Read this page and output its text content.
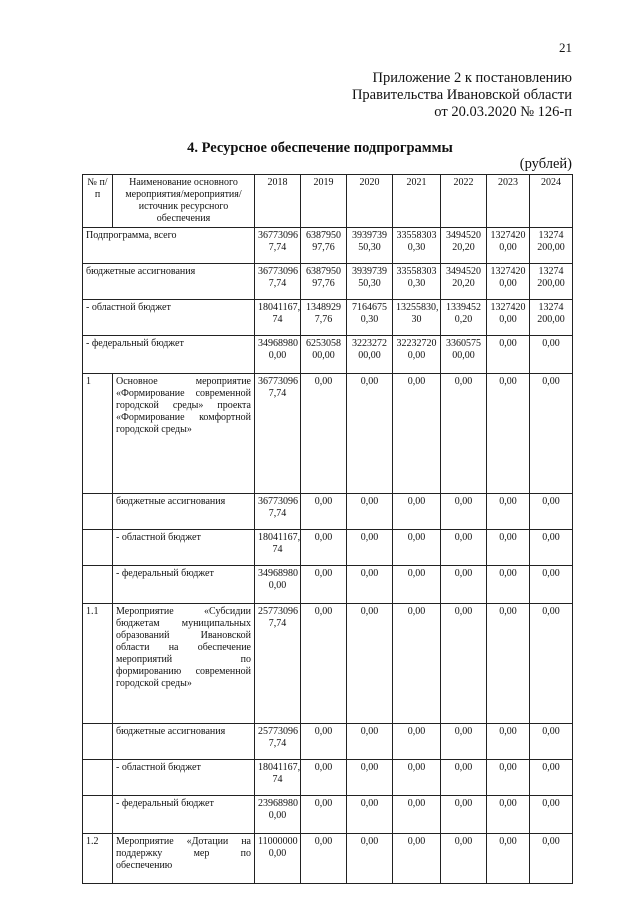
21
Приложение 2 к постановлению
Правительства Ивановской области
от 20.03.2020 № 126-п
4. Ресурсное обеспечение подпрограммы
(рублей)
№ п/п	Наименование основного мероприятия/мероприятия/ источник ресурсного обеспечения	2018	2019	2020	2021	2022	2023	2024
Подпрограмма, всего		36773096 7,74	6387950 97,76	3939739 50,30	33558303 0,30	3494520 20,20	1327420 0,00	13274 200,00
бюджетные ассигнования		36773096 7,74	6387950 97,76	3939739 50,30	33558303 0,30	3494520 20,20	1327420 0,00	13274 200,00
- областной бюджет		18041167, 74	1348929 7,76	7164675 0,30	13255830, 30	1339452 0,20	1327420 0,00	13274 200,00
- федеральный бюджет		34968980 0,00	6253058 00,00	3223272 00,00	32232720 0,00	3360575 00,00	0,00	0,00
1	Основное мероприятие «Формирование современной городской среды» проекта «Формирование комфортной городской среды»	36773096 7,74	0,00	0,00	0,00	0,00	0,00	0,00
	бюджетные ассигнования	36773096 7,74	0,00	0,00	0,00	0,00	0,00	0,00
	- областной бюджет	18041167, 74	0,00	0,00	0,00	0,00	0,00	0,00
	- федеральный бюджет	34968980 0,00	0,00	0,00	0,00	0,00	0,00	0,00
1.1	Мероприятие «Субсидии бюджетам муниципальных образований Ивановской области на обеспечение мероприятий по формированию современной городской среды»	25773096 7,74	0,00	0,00	0,00	0,00	0,00	0,00
	бюджетные ассигнования	25773096 7,74	0,00	0,00	0,00	0,00	0,00	0,00
	- областной бюджет	18041167, 74	0,00	0,00	0,00	0,00	0,00	0,00
	- федеральный бюджет	23968980 0,00	0,00	0,00	0,00	0,00	0,00	0,00
1.2	Мероприятие «Дотации на поддержку мер по обеспечению	11000000 0,00	0,00	0,00	0,00	0,00	0,00	0,00
